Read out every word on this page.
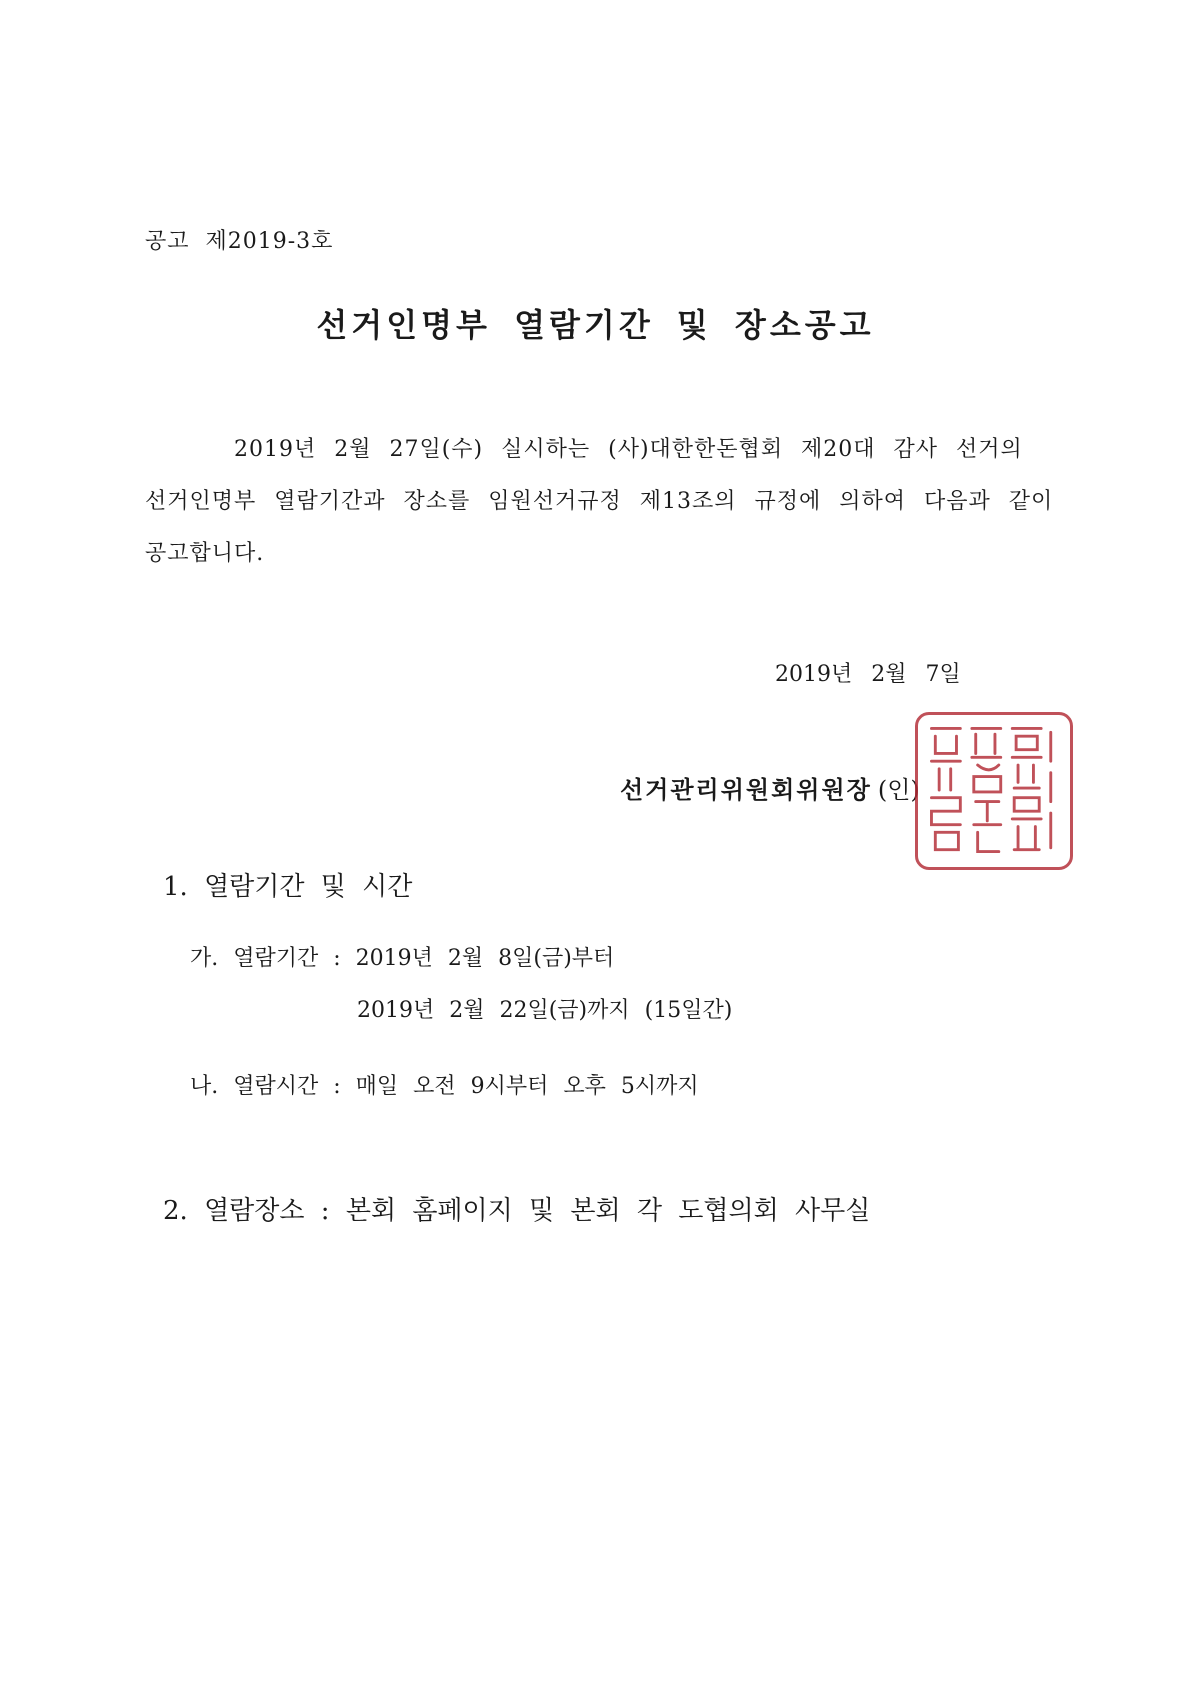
공고  제2019-3호
선거인명부 열람기간 및 장소공고
2019년 2월 27일(수) 실시하는 (사)대한한돈협회 제20대 감사 선거의
선거인명부 열람기간과 장소를 임원선거규정 제13조의 규정에 의하여 다음과 같이
공고합니다.
2019년 2월 7일
선거관리위원회위원장 (인)
1. 열람기간 및 시간
가. 열람기간 : 2019년 2월 8일(금)부터
2019년 2월 22일(금)까지 (15일간)
나. 열람시간 : 매일 오전 9시부터 오후 5시까지
2. 열람장소 : 본회 홈페이지 및 본회 각 도협의회 사무실
